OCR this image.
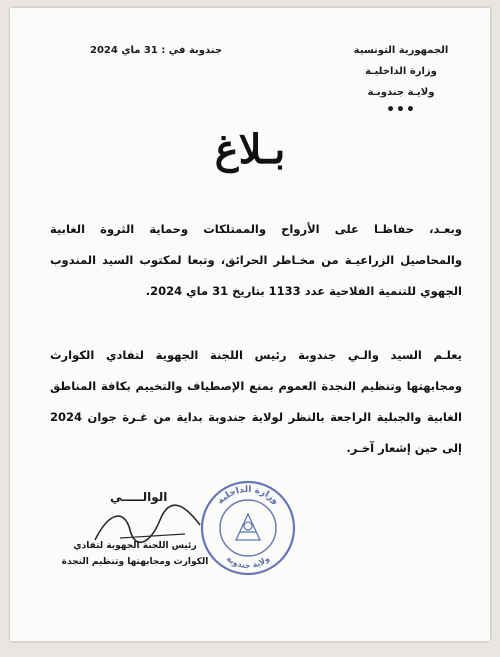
الجمهورية التونسية
وزارة الداخليـة
ولايـة جندوبـة
•••
جندوبة في : 31 ماي 2024
بـلاغ
وبعـد، حفاظـا على الأرواح والممتلكات وحماية الثروة الغابية
والمحاصيل الزراعيـة من مخـاطر الحرائق، وتبعا لمكتوب السيد المندوب
الجهوي للتنمية الفلاحية عدد 1133 بتاريخ 31 ماي 2024.
يعلـم السيد والـي جندوبة رئيس اللجنة الجهوية لتفادي الكوارث
ومجابهتها وتنظيم النجدة العموم بمنع الإصطياف والتخييم بكافة المناطق
الغابية والجبلية الراجعة بالنظر لولاية جندوبة بداية من غـرة جوان 2024
إلى حين إشعار آخـر.
الوالـــــي
رئيس اللجنة الجهوية لتفادي
الكوارث ومجابهتها وتنظيم النجدة
وزارة الداخلية
ولاية جندوبة
